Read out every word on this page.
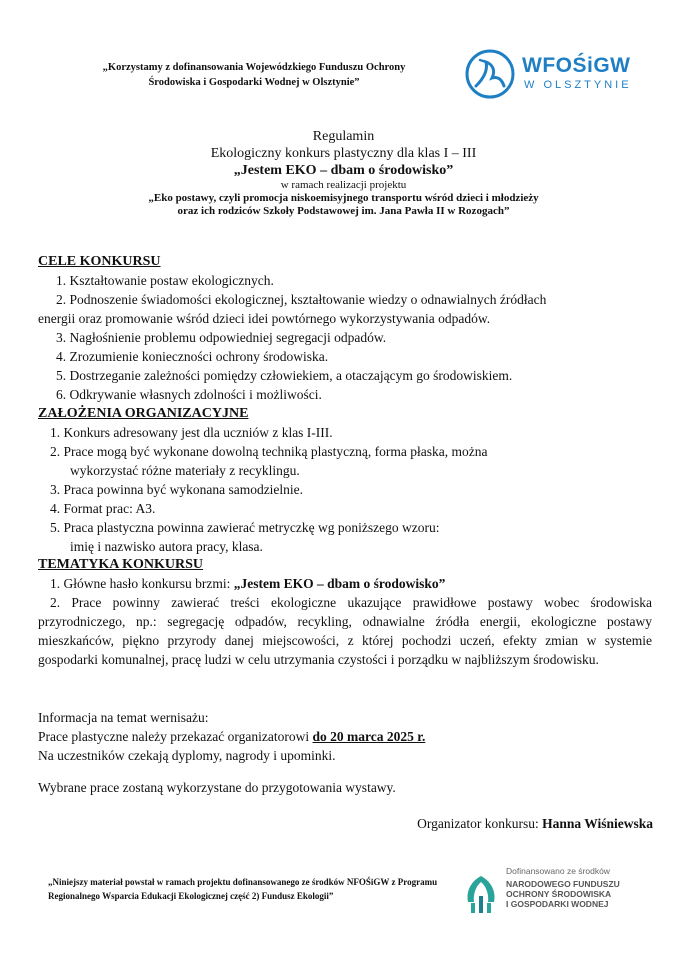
„Korzystamy z dofinansowania Wojewódzkiego Funduszu Ochrony
Środowiska i Gospodarki Wodnej w Olsztynie”
WFOŚiGW
W OLSZTYNIE
Regulamin
Ekologiczny konkurs plastyczny dla klas I – III
„Jestem EKO – dbam o środowisko”
w ramach realizacji projektu
„Eko postawy, czyli promocja niskoemisyjnego transportu wśród dzieci i młodzieży
oraz ich rodziców Szkoły Podstawowej im. Jana Pawła II w Rozogach”
CELE KONKURSU
1. Kształtowanie postaw ekologicznych.
2. Podnoszenie świadomości ekologicznej, kształtowanie wiedzy o odnawialnych źródłach
energii oraz promowanie wśród dzieci idei powtórnego wykorzystywania odpadów.
3. Nagłośnienie problemu odpowiedniej segregacji odpadów.
4. Zrozumienie konieczności ochrony środowiska.
5. Dostrzeganie zależności pomiędzy człowiekiem, a otaczającym go środowiskiem.
6. Odkrywanie własnych zdolności i możliwości.
ZAŁOŻENIA ORGANIZACYJNE
1. Konkurs adresowany jest dla uczniów z klas I-III.
2. Prace mogą być wykonane dowolną techniką plastyczną, forma płaska, można
wykorzystać różne materiały z recyklingu.
3. Praca powinna być wykonana samodzielnie.
4. Format prac: A3.
5. Praca plastyczna powinna zawierać metryczkę wg poniższego wzoru:
imię i nazwisko autora pracy, klasa.
TEMATYKA KONKURSU
1. Główne hasło konkursu brzmi: „Jestem EKO – dbam o środowisko”
2. Prace powinny zawierać treści ekologiczne ukazujące prawidłowe postawy wobec środowiska przyrodniczego, np.: segregację odpadów, recykling, odnawialne źródła energii, ekologiczne postawy mieszkańców, piękno przyrody danej miejscowości, z której pochodzi uczeń, efekty zmian w systemie gospodarki komunalnej, pracę ludzi w celu utrzymania czystości i porządku w najbliższym środowisku.
Informacja na temat wernisażu:
Prace plastyczne należy przekazać organizatorowi do 20 marca 2025 r.
Na uczestników czekają dyplomy, nagrody i upominki.
Wybrane prace zostaną wykorzystane do przygotowania wystawy.
Organizator konkursu: Hanna Wiśniewska
„Niniejszy materiał powstał w ramach projektu dofinansowanego ze środków NFOŚiGW z Programu Regionalnego Wsparcia Edukacji Ekologicznej część 2) Fundusz Ekologii”
Dofinansowano ze środków
NARODOWEGO FUNDUSZU
OCHRONY ŚRODOWISKA
I GOSPODARKI WODNEJ
